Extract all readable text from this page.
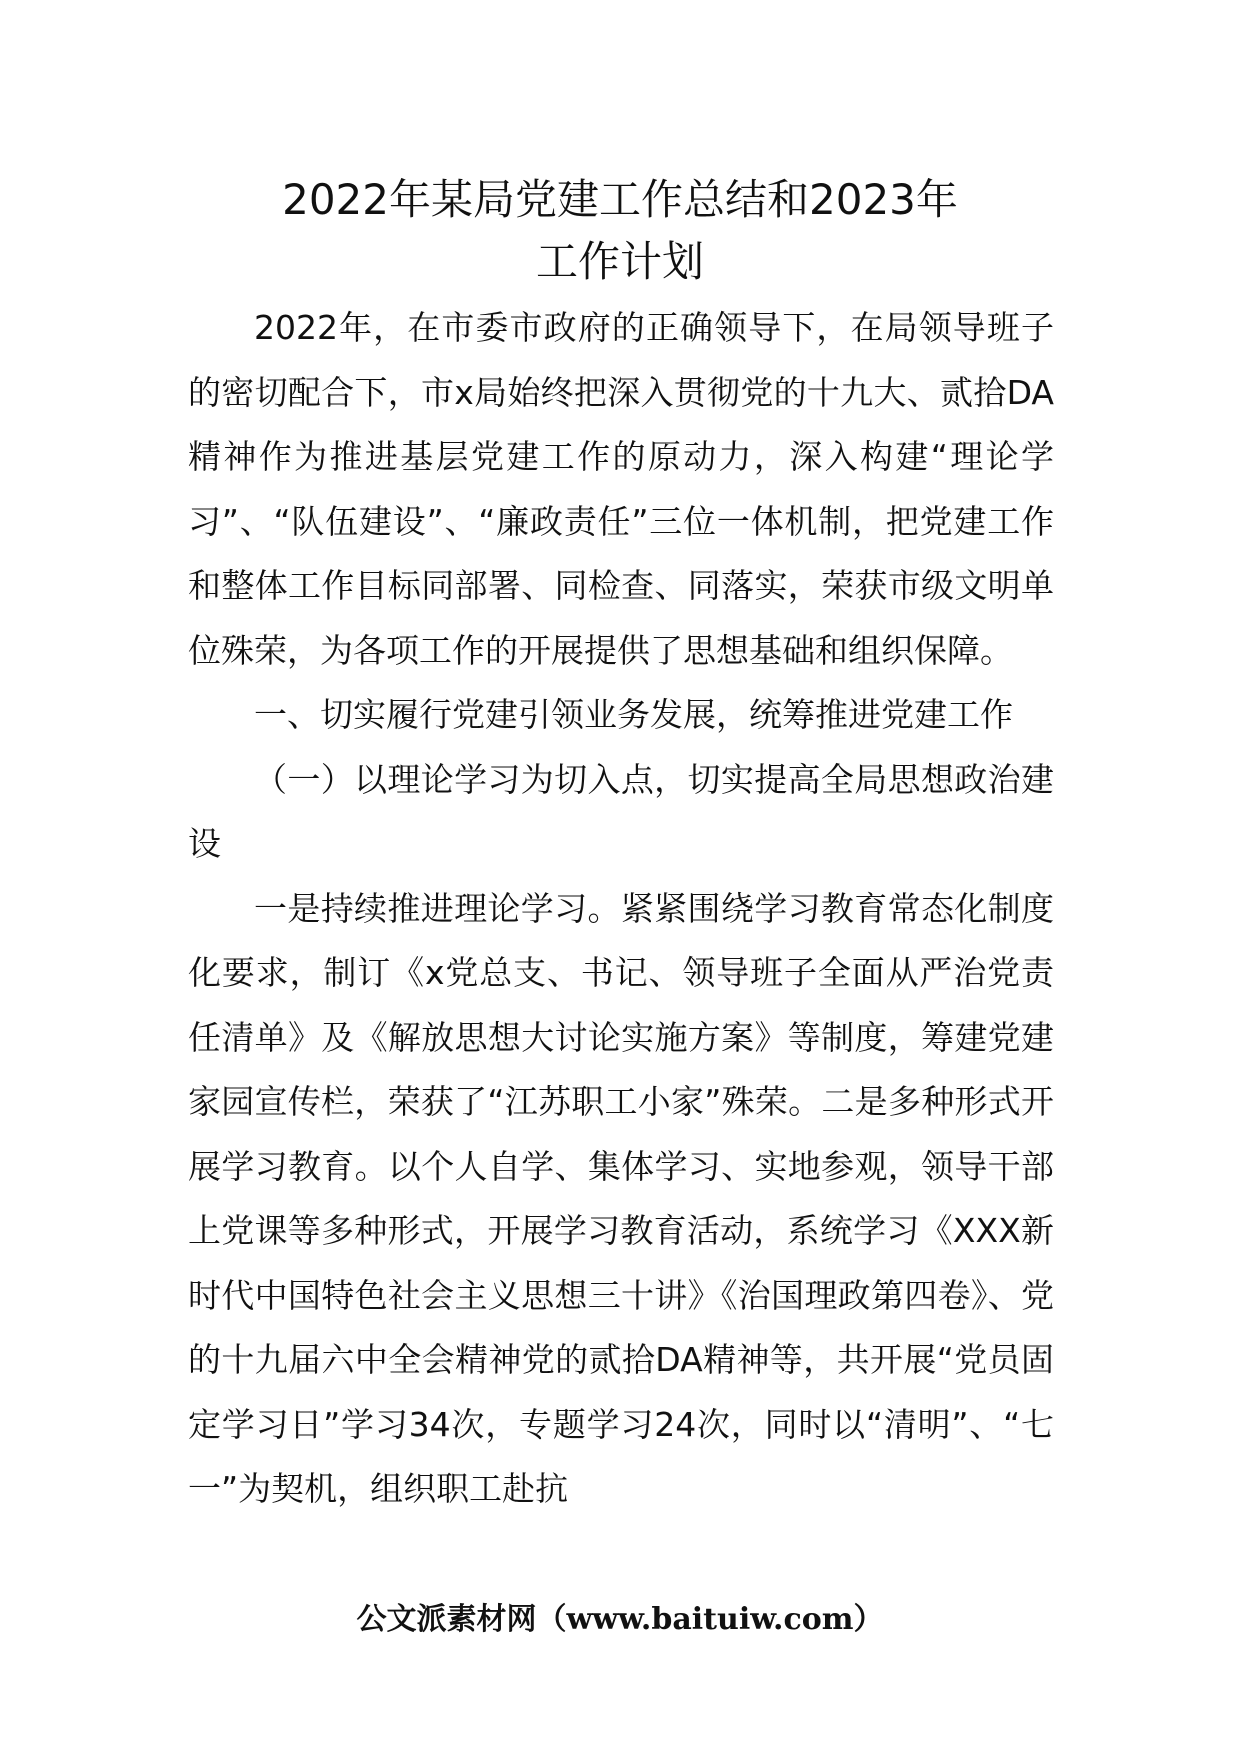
2022年某局党建工作总结和2023年
工作计划

2022年，在市委市政府的正确领导下，在局领导班子的密切配合下，市x局始终把深入贯彻党的十九大、贰拾DA精神作为推进基层党建工作的原动力，深入构建“理论学习”、“队伍建设”、“廉政责任”三位一体机制，把党建工作和整体工作目标同部署、同检查、同落实，荣获市级文明单位殊荣，为各项工作的开展提供了思想基础和组织保障。

一、切实履行党建引领业务发展，统筹推进党建工作

（一）以理论学习为切入点，切实提高全局思想政治建设

一是持续推进理论学习。紧紧围绕学习教育常态化制度化要求，制订《x党总支、书记、领导班子全面从严治党责任清单》及《解放思想大讨论实施方案》等制度，筹建党建家园宣传栏，荣获了“江苏职工小家”殊荣。二是多种形式开展学习教育。以个人自学、集体学习、实地参观，领导干部上党课等多种形式，开展学习教育活动，系统学习《XXX新时代中国特色社会主义思想三十讲》《治国理政第四卷》、党的十九届六中全会精神党的贰拾DA精神等，共开展“党员固定学习日”学习34次，专题学习24次，同时以“清明”、“七一”为契机，组织职工赴抗

公文派素材网（www.baituiw.com）
